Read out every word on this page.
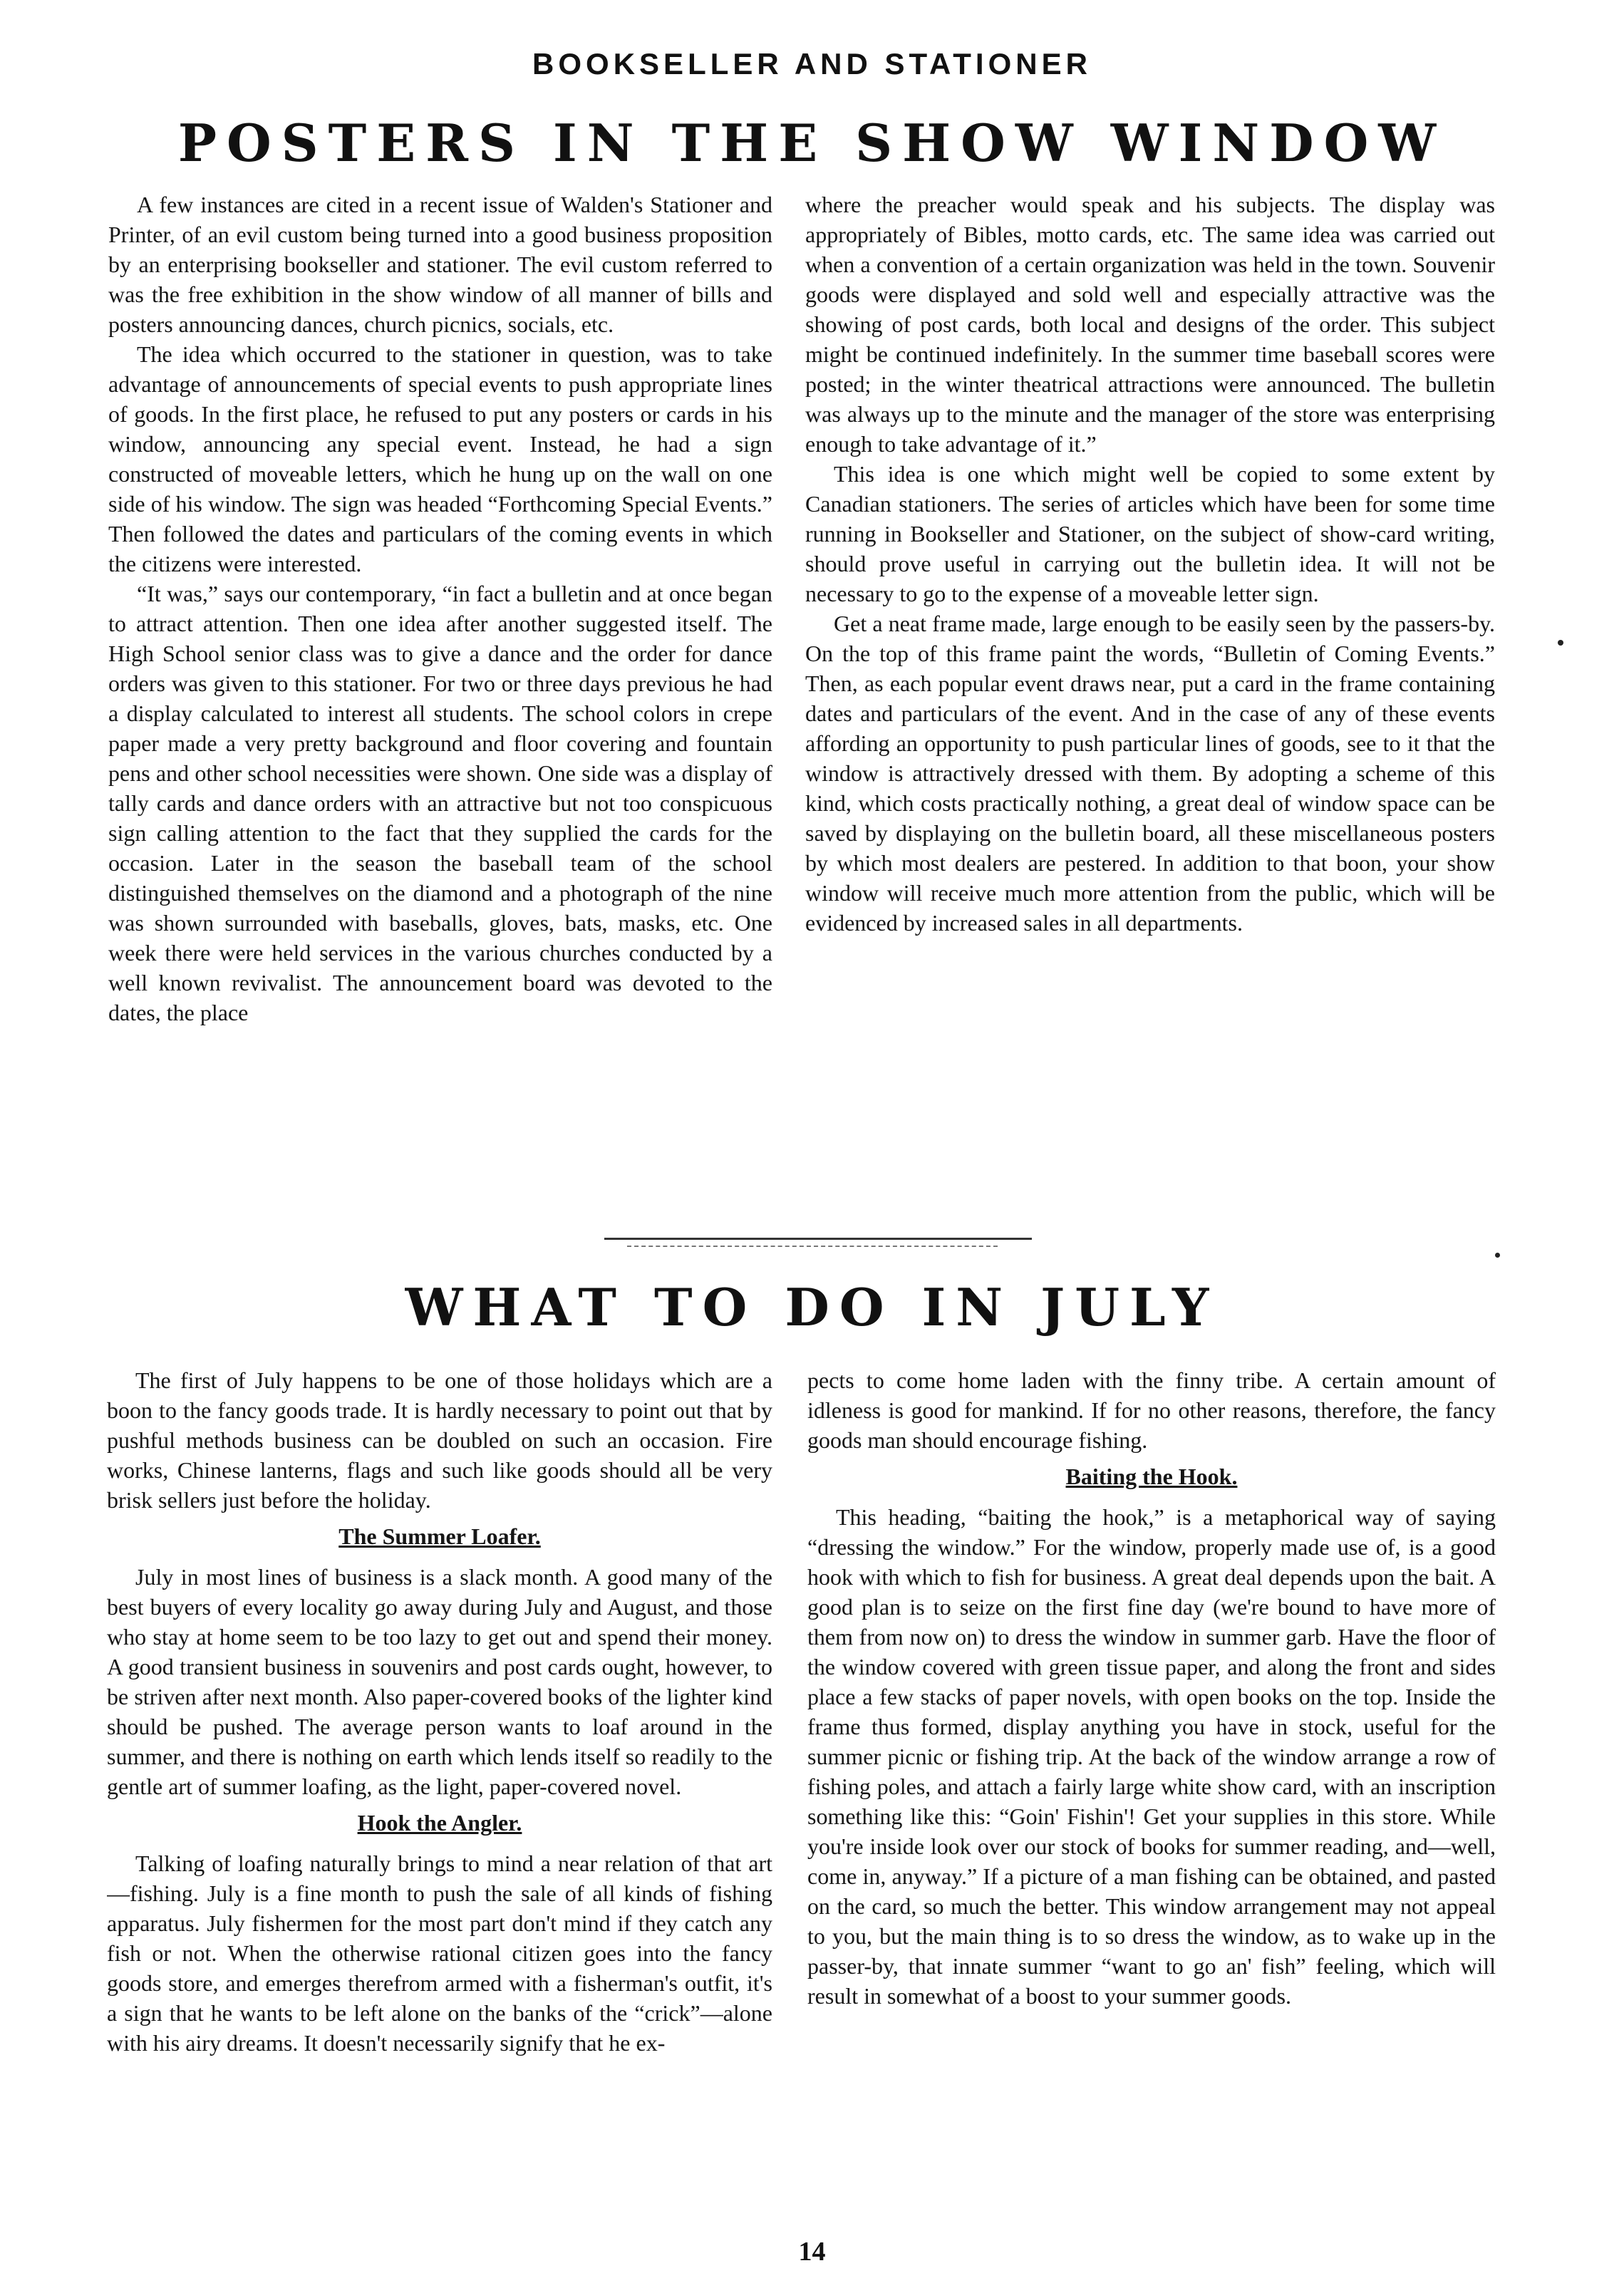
BOOKSELLER AND STATIONER
POSTERS IN THE SHOW WINDOW

A few instances are cited in a recent issue of Walden's Stationer and Printer, of an evil custom being turned into a good business proposition by an enterprising bookseller and stationer. The evil custom referred to was the free exhibition in the show window of all manner of bills and posters announcing dances, church picnics, socials, etc.

The idea which occurred to the stationer in question, was to take advantage of announcements of special events to push appropriate lines of goods. In the first place, he refused to put any posters or cards in his window, announcing any special event. Instead, he had a sign constructed of moveable letters, which he hung up on the wall on one side of his window. The sign was headed “Forthcoming Special Events.” Then followed the dates and particulars of the coming events in which the citizens were interested.

“It was,” says our contemporary, “in fact a bulletin and at once began to attract attention. Then one idea after another suggested itself. The High School senior class was to give a dance and the order for dance orders was given to this stationer. For two or three days previous he had a display calculated to interest all students. The school colors in crepe paper made a very pretty background and floor covering and fountain pens and other school necessities were shown. One side was a display of tally cards and dance orders with an attractive but not too conspicuous sign calling attention to the fact that they supplied the cards for the occasion. Later in the season the baseball team of the school distinguished themselves on the diamond and a photograph of the nine was shown surrounded with baseballs, gloves, bats, masks, etc. One week there were held services in the various churches conducted by a well known revivalist. The announcement board was devoted to the dates, the place

where the preacher would speak and his subjects. The display was appropriately of Bibles, motto cards, etc. The same idea was carried out when a convention of a certain organization was held in the town. Souvenir goods were displayed and sold well and especially attractive was the showing of post cards, both local and designs of the order. This subject might be continued indefinitely. In the summer time baseball scores were posted; in the winter theatrical attractions were announced. The bulletin was always up to the minute and the manager of the store was enterprising enough to take advantage of it.”

This idea is one which might well be copied to some extent by Canadian stationers. The series of articles which have been for some time running in Bookseller and Stationer, on the subject of show-card writing, should prove useful in carrying out the bulletin idea. It will not be necessary to go to the expense of a moveable letter sign.

Get a neat frame made, large enough to be easily seen by the passers-by. On the top of this frame paint the words, “Bulletin of Coming Events.” Then, as each popular event draws near, put a card in the frame containing dates and particulars of the event. And in the case of any of these events affording an opportunity to push particular lines of goods, see to it that the window is attractively dressed with them. By adopting a scheme of this kind, which costs practically nothing, a great deal of window space can be saved by displaying on the bulletin board, all these miscellaneous posters by which most dealers are pestered. In addition to that boon, your show window will receive much more attention from the public, which will be evidenced by increased sales in all departments.

WHAT TO DO IN JULY

The first of July happens to be one of those holidays which are a boon to the fancy goods trade. It is hardly necessary to point out that by pushful methods business can be doubled on such an occasion. Fire works, Chinese lanterns, flags and such like goods should all be very brisk sellers just before the holiday.

The Summer Loafer.

July in most lines of business is a slack month. A good many of the best buyers of every locality go away during July and August, and those who stay at home seem to be too lazy to get out and spend their money. A good transient business in souvenirs and post cards ought, however, to be striven after next month. Also paper-covered books of the lighter kind should be pushed. The average person wants to loaf around in the summer, and there is nothing on earth which lends itself so readily to the gentle art of summer loafing, as the light, paper-covered novel.

Hook the Angler.

Talking of loafing naturally brings to mind a near relation of that art—fishing. July is a fine month to push the sale of all kinds of fishing apparatus. July fishermen for the most part don't mind if they catch any fish or not. When the otherwise rational citizen goes into the fancy goods store, and emerges therefrom armed with a fisherman's outfit, it's a sign that he wants to be left alone on the banks of the “crick”—alone with his airy dreams. It doesn't necessarily signify that he ex-

pects to come home laden with the finny tribe. A certain amount of idleness is good for mankind. If for no other reasons, therefore, the fancy goods man should encourage fishing.

Baiting the Hook.

This heading, “baiting the hook,” is a metaphorical way of saying “dressing the window.” For the window, properly made use of, is a good hook with which to fish for business. A great deal depends upon the bait. A good plan is to seize on the first fine day (we're bound to have more of them from now on) to dress the window in summer garb. Have the floor of the window covered with green tissue paper, and along the front and sides place a few stacks of paper novels, with open books on the top. Inside the frame thus formed, display anything you have in stock, useful for the summer picnic or fishing trip. At the back of the window arrange a row of fishing poles, and attach a fairly large white show card, with an inscription something like this: “Goin' Fishin'! Get your supplies in this store. While you're inside look over our stock of books for summer reading, and—well, come in, anyway.” If a picture of a man fishing can be obtained, and pasted on the card, so much the better. This window arrangement may not appeal to you, but the main thing is to so dress the window, as to wake up in the passer-by, that innate summer “want to go an' fish” feeling, which will result in somewhat of a boost to your summer goods.

14
